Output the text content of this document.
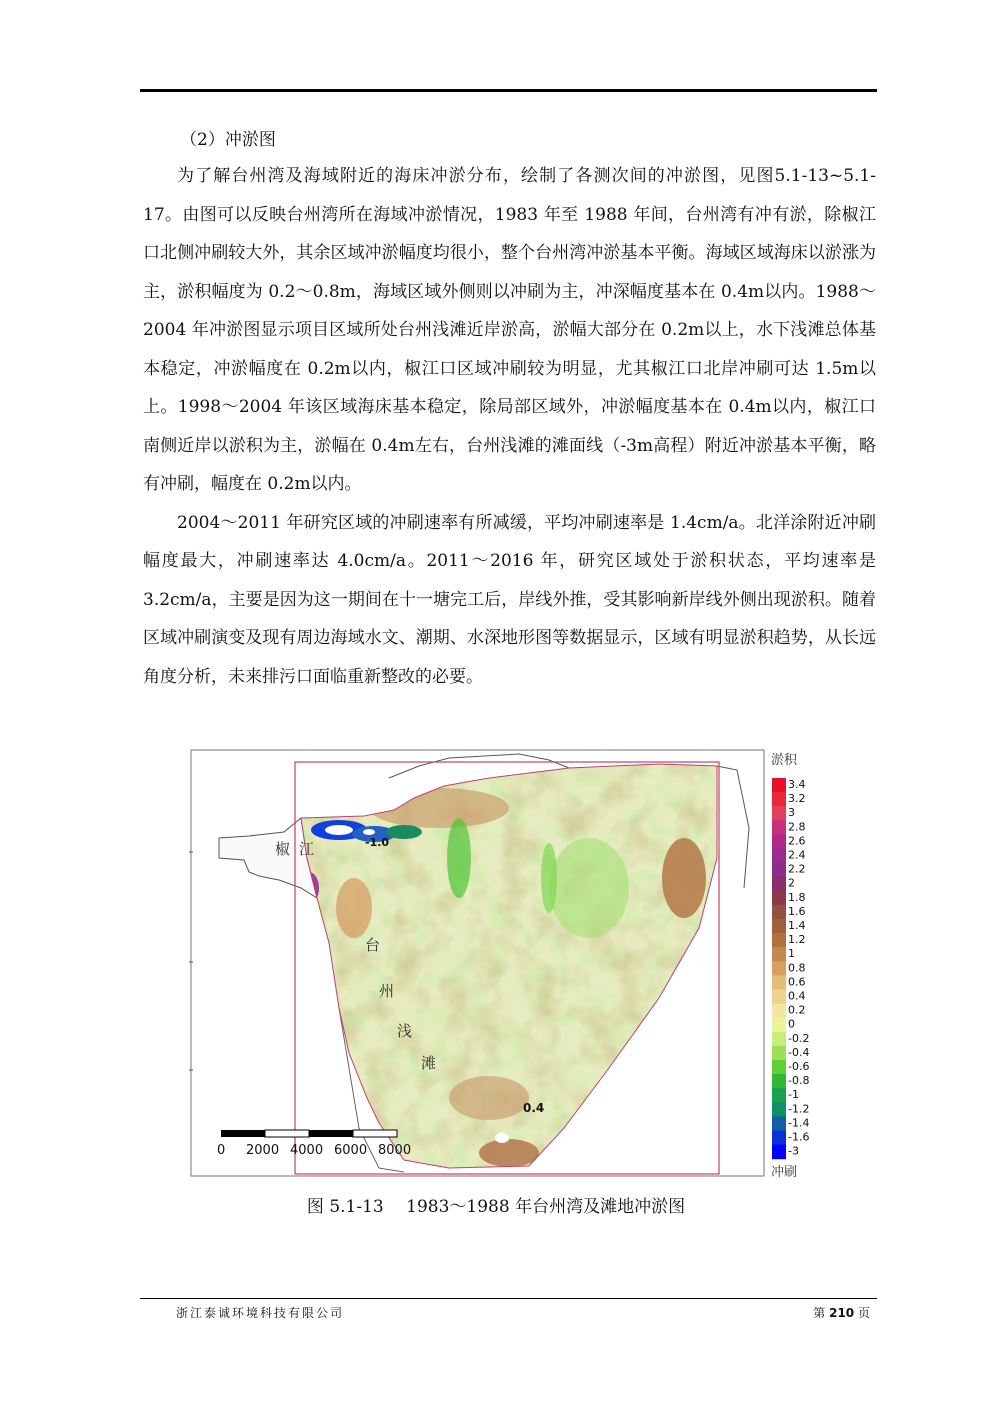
（2）冲淤图

为了解台州湾及海域附近的海床冲淤分布，绘制了各测次间的冲淤图，见图5.1-13~5.1-17。由图可以反映台州湾所在海域冲淤情况，1983 年至 1988 年间，台州湾有冲有淤，除椒江口北侧冲刷较大外，其余区域冲淤幅度均很小，整个台州湾冲淤基本平衡。海域区域海床以淤涨为主，淤积幅度为 0.2～0.8m，海域区域外侧则以冲刷为主，冲深幅度基本在 0.4m以内。1988～2004 年冲淤图显示项目区域所处台州浅滩近岸淤高，淤幅大部分在 0.2m以上，水下浅滩总体基本稳定，冲淤幅度在 0.2m以内，椒江口区域冲刷较为明显，尤其椒江口北岸冲刷可达 1.5m以上。1998～2004 年该区域海床基本稳定，除局部区域外，冲淤幅度基本在 0.4m以内，椒江口南侧近岸以淤积为主，淤幅在 0.4m左右，台州浅滩的滩面线（-3m高程）附近冲淤基本平衡，略有冲刷，幅度在 0.2m以内。

2004～2011 年研究区域的冲刷速率有所减缓，平均冲刷速率是 1.4cm/a。北洋涂附近冲刷幅度最大，冲刷速率达 4.0cm/a。2011～2016 年，研究区域处于淤积状态，平均速率是 3.2cm/a，主要是因为这一期间在十一塘完工后，岸线外推，受其影响新岸线外侧出现淤积。随着区域冲刷演变及现有周边海域水文、潮期、水深地形图等数据显示，区域有明显淤积趋势，从长远角度分析，未来排污口面临重新整改的必要。

椒 江	-1.0
台
州
浅
滩
0.4
0 2000 4000 6000 8000
淤积
3.4
3.2
3
2.8
2.6
2.4
2.2
2
1.8
1.6
1.4
1.2
1
0.8
0.6
0.4
0.2
0
-0.2
-0.4
-0.6
-0.8
-1
-1.2
-1.4
-1.6
-3
冲刷
图 5.1-13　 1983～1988 年台州湾及滩地冲淤图
浙江泰诚环境科技有限公司	第 210 页
